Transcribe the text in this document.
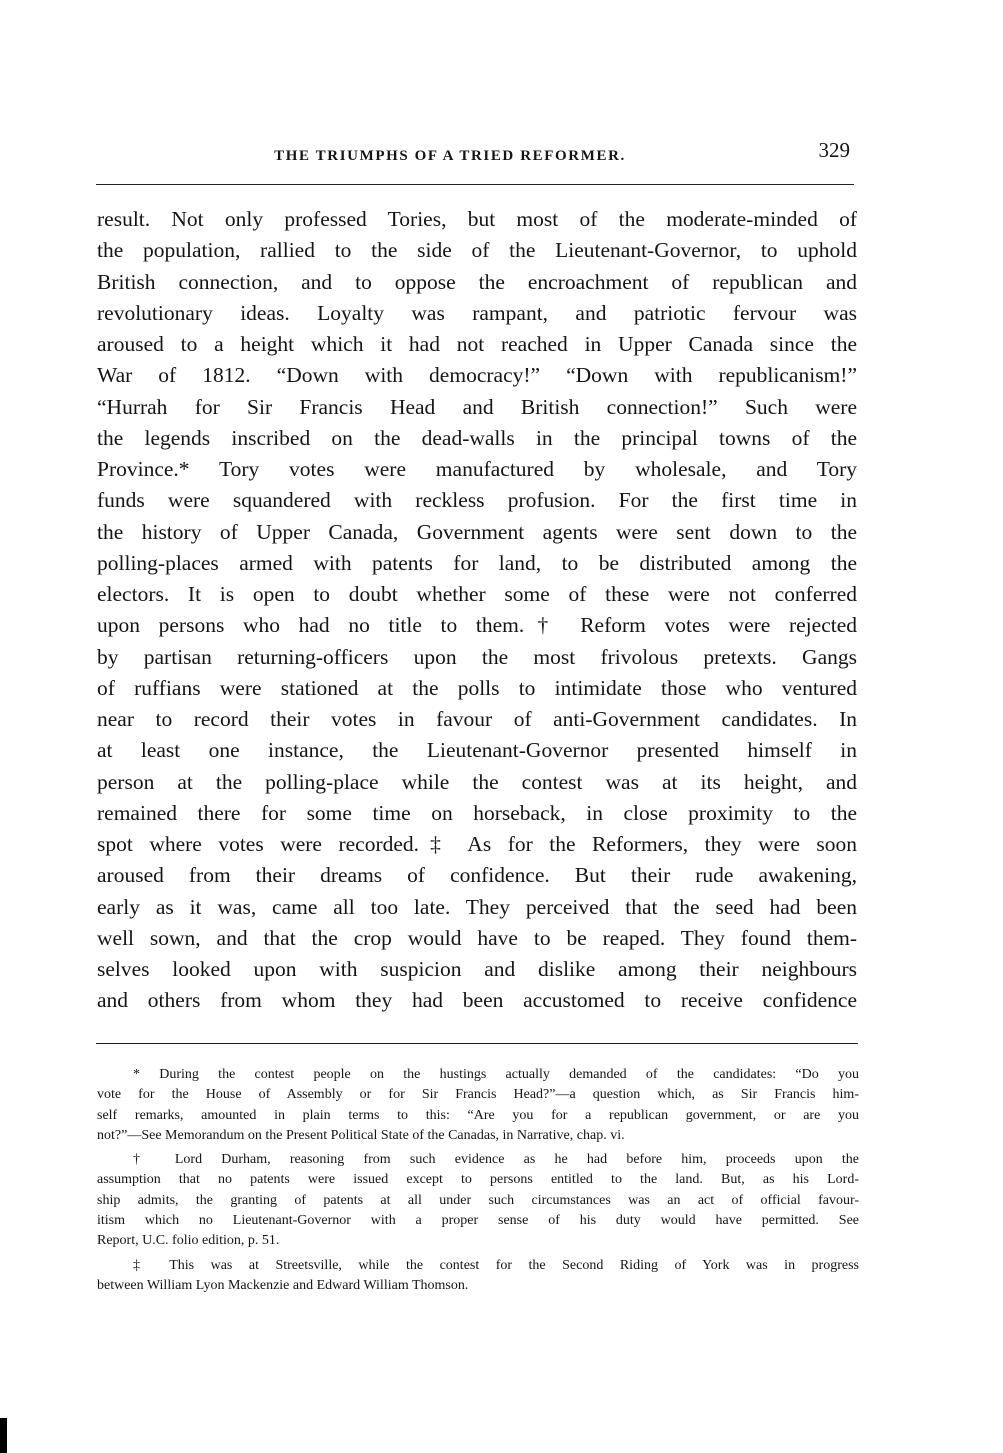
THE TRIUMPHS OF A TRIED REFORMER.	329
result. Not only professed Tories, but most of the moderate-minded of
the population, rallied to the side of the Lieutenant-Governor, to uphold
British connection, and to oppose the encroachment of republican and
revolutionary ideas. Loyalty was rampant, and patriotic fervour was
aroused to a height which it had not reached in Upper Canada since the
War of 1812. “Down with democracy!” “Down with republicanism!”
“Hurrah for Sir Francis Head and British connection!” Such were
the legends inscribed on the dead-walls in the principal towns of the
Province.* Tory votes were manufactured by wholesale, and Tory
funds were squandered with reckless profusion. For the first time in
the history of Upper Canada, Government agents were sent down to the
polling-places armed with patents for land, to be distributed among the
electors. It is open to doubt whether some of these were not conferred
upon persons who had no title to them.† Reform votes were rejected
by partisan returning-officers upon the most frivolous pretexts. Gangs
of ruffians were stationed at the polls to intimidate those who ventured
near to record their votes in favour of anti-Government candidates. In
at least one instance, the Lieutenant-Governor presented himself in
person at the polling-place while the contest was at its height, and
remained there for some time on horseback, in close proximity to the
spot where votes were recorded.‡ As for the Reformers, they were soon
aroused from their dreams of confidence. But their rude awakening,
early as it was, came all too late. They perceived that the seed had been
well sown, and that the crop would have to be reaped. They found them-
selves looked upon with suspicion and dislike among their neighbours
and others from whom they had been accustomed to receive confidence
* During the contest people on the hustings actually demanded of the candidates: “Do you
vote for the House of Assembly or for Sir Francis Head?”—a question which, as Sir Francis him-
self remarks, amounted in plain terms to this: “Are you for a republican government, or are you
not?”—See Memorandum on the Present Political State of the Canadas, in Narrative, chap. vi.
† Lord Durham, reasoning from such evidence as he had before him, proceeds upon the
assumption that no patents were issued except to persons entitled to the land. But, as his Lord-
ship admits, the granting of patents at all under such circumstances was an act of official favour-
itism which no Lieutenant-Governor with a proper sense of his duty would have permitted. See
Report, U.C. folio edition, p. 51.
‡ This was at Streetsville, while the contest for the Second Riding of York was in progress
between William Lyon Mackenzie and Edward William Thomson.
